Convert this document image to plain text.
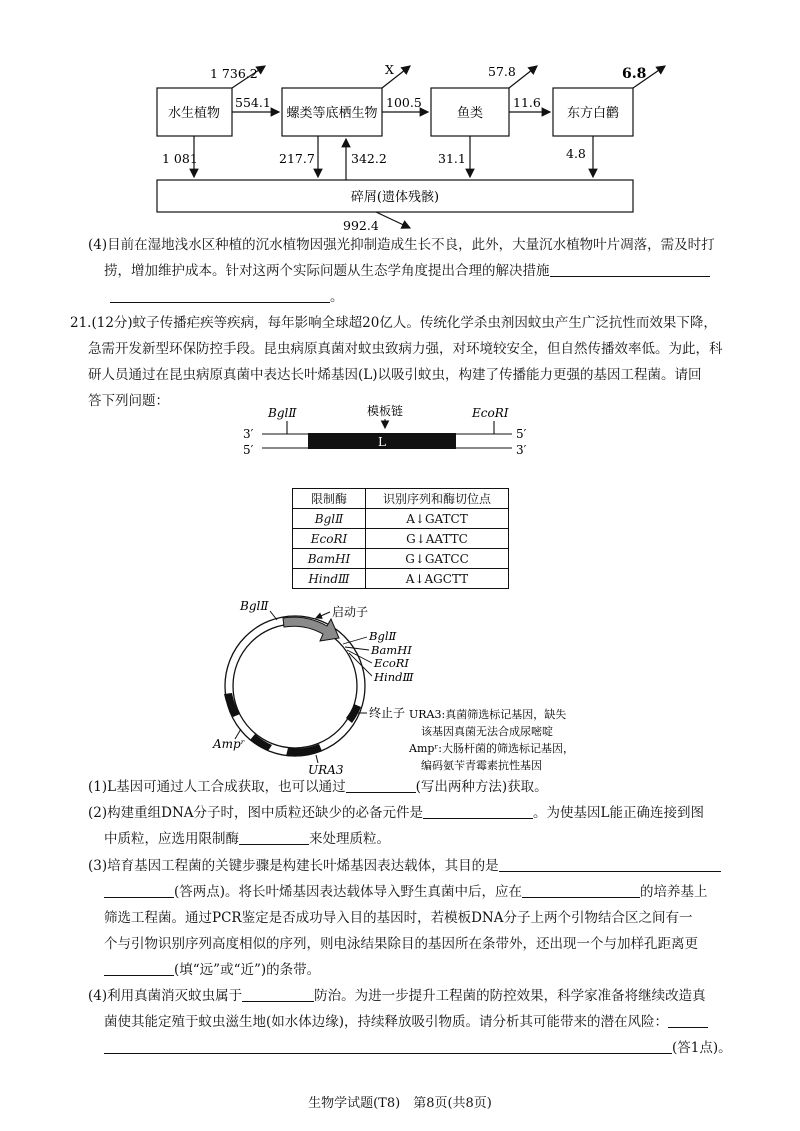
水生植物	螺类等底栖生物	鱼类	东方白鹳
碎屑(遗体残骸)
1 736.2	X	57.8	6.8
554.1	100.5	11.6
1 081	217.7	342.2	31.1	4.8
992.4
(4)目前在湿地浅水区种植的沉水植物因强光抑制造成生长不良，此外，大量沉水植物叶片凋落，需及时打
捞，增加维护成本。针对这两个实际问题从生态学角度提出合理的解决措施
。
21.(12分)蚊子传播疟疾等疾病，每年影响全球超20亿人。传统化学杀虫剂因蚊虫产生广泛抗性而效果下降，
急需开发新型环保防控手段。昆虫病原真菌对蚊虫致病力强，对环境较安全，但自然传播效率低。为此，科
研人员通过在昆虫病原真菌中表达长叶烯基因(L)以吸引蚊虫，构建了传播能力更强的基因工程菌。请回
答下列问题：
BglⅡ	模板链	EcoRⅠ
L
3′
5′
5′
3′
限制酶	识别序列和酶切位点
BglⅡ	A↓GATCT
EcoRⅠ	G↓AATTC
BamHⅠ	G↓GATCC
HindⅢ	A↓AGCTT
BglⅡ	启动子
BglⅡ
BamHⅠ
EcoRⅠ
HindⅢ
终止子
Ampʳ
URA3
URA3:真菌筛选标记基因，缺失
该基因真菌无法合成尿嘧啶
Ampʳ:大肠杆菌的筛选标记基因，
编码氨苄青霉素抗性基因
(1)L基因可通过人工合成获取，也可以通过	(写出两种方法)获取。
(2)构建重组DNA分子时，图中质粒还缺少的必备元件是	。为使基因L能正确连接到图
中质粒，应选用限制酶	来处理质粒。
(3)培育基因工程菌的关键步骤是构建长叶烯基因表达载体，其目的是
(答两点)。将长叶烯基因表达载体导入野生真菌中后，应在	的培养基上
筛选工程菌。通过PCR鉴定是否成功导入目的基因时，若模板DNA分子上两个引物结合区之间有一
个与引物识别序列高度相似的序列，则电泳结果除目的基因所在条带外，还出现一个与加样孔距离更
(填“远”或“近”)的条带。
(4)利用真菌消灭蚊虫属于	防治。为进一步提升工程菌的防控效果，科学家准备将继续改造真
菌使其能定殖于蚊虫滋生地(如水体边缘)，持续释放吸引物质。请分析其可能带来的潜在风险：
(答1点)。
生物学试题(T8)　第8页(共8页)
